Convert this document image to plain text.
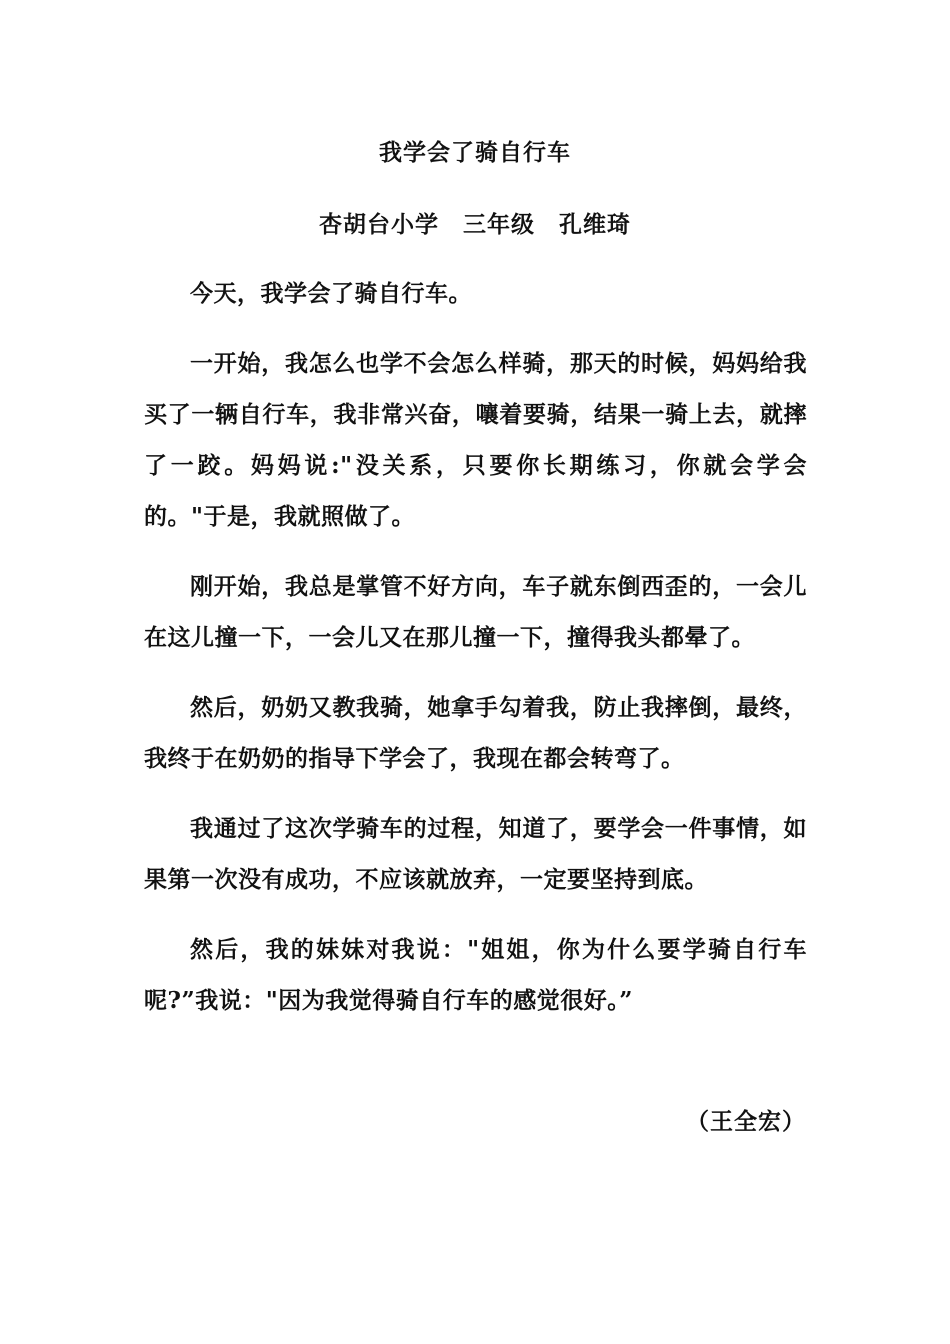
我学会了骑自行车
杏胡台小学　三年级　孔维琦

今天，我学会了骑自行车。

一开始，我怎么也学不会怎么样骑，那天的时候，妈妈给我买了一辆自行车，我非常兴奋，嚷着要骑，结果一骑上去，就摔了一跤。妈妈说:"没关系，只要你长期练习，你就会学会的。"于是，我就照做了。

刚开始，我总是掌管不好方向，车子就东倒西歪的，一会儿在这儿撞一下，一会儿又在那儿撞一下，撞得我头都晕了。

然后，奶奶又教我骑，她拿手勾着我，防止我摔倒，最终，我终于在奶奶的指导下学会了，我现在都会转弯了。

我通过了这次学骑车的过程，知道了，要学会一件事情，如果第一次没有成功，不应该就放弃，一定要坚持到底。

然后，我的妹妹对我说："姐姐，你为什么要学骑自行车呢?”我说："因为我觉得骑自行车的感觉很好。”

（王全宏）
